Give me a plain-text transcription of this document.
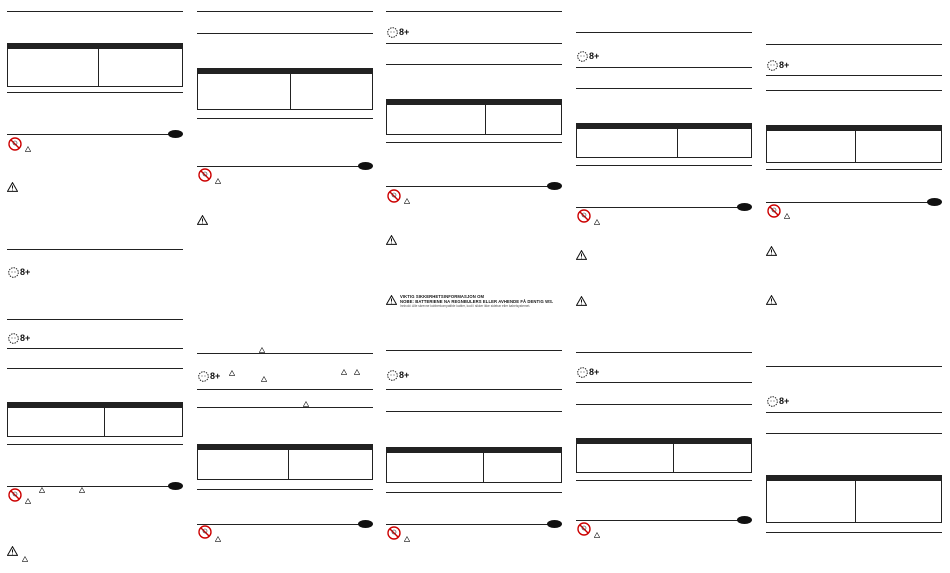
8+
8+
8+
8+
VIKTIG SIKKERHETSINFORMASJON OM
NOBE: BATTERIENE NA REGNBULERS ELLER AVHENDE FÅ DENTIG WS.
Innhold: Alle skrevne kobberkompatible kabler, kodi i sikker ikke sidebar eller kabelsystemet.
8+
8+
8+
8+
8+
